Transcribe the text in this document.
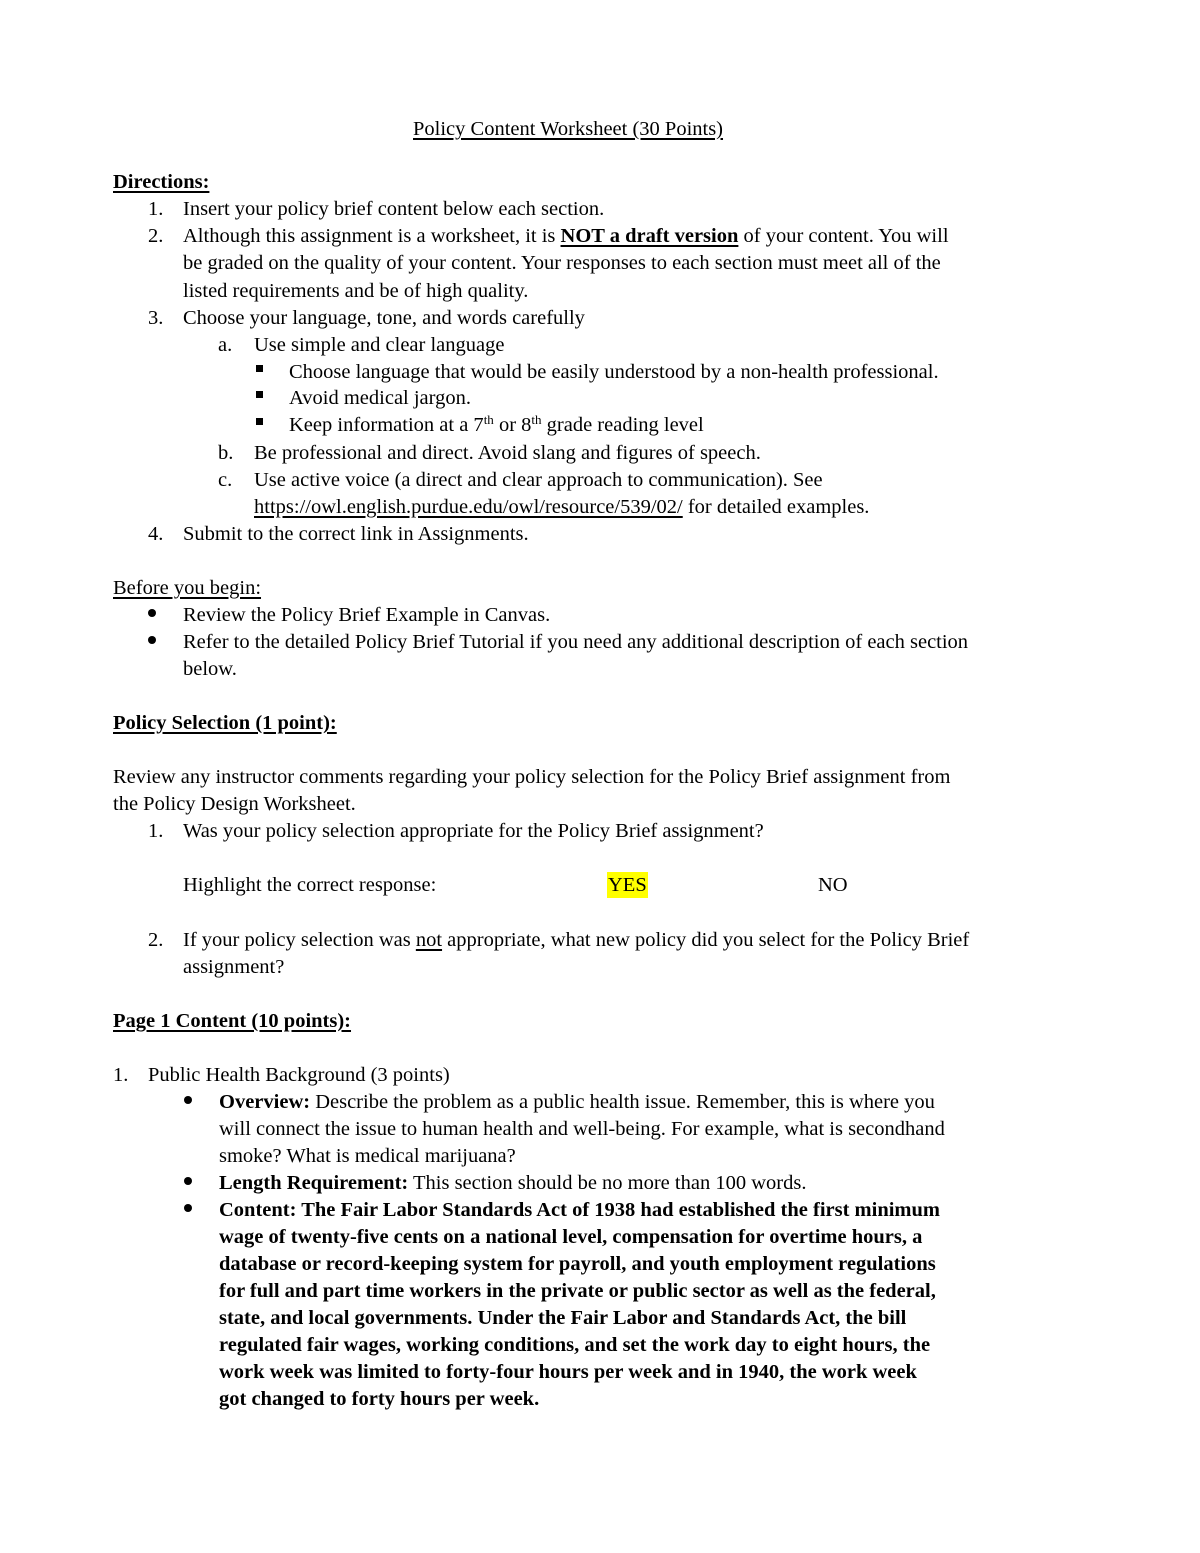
Policy Content Worksheet (30 Points)
Directions:
1. Insert your policy brief content below each section.
2. Although this assignment is a worksheet, it is NOT a draft version of your content. You will
be graded on the quality of your content. Your responses to each section must meet all of the
listed requirements and be of high quality.
3. Choose your language, tone, and words carefully
a. Use simple and clear language
Choose language that would be easily understood by a non-health professional.
Avoid medical jargon.
Keep information at a 7th or 8th grade reading level
b. Be professional and direct. Avoid slang and figures of speech.
c. Use active voice (a direct and clear approach to communication). See
https://owl.english.purdue.edu/owl/resource/539/02/ for detailed examples.
4. Submit to the correct link in Assignments.
Before you begin:
Review the Policy Brief Example in Canvas.
Refer to the detailed Policy Brief Tutorial if you need any additional description of each section
below.
Policy Selection (1 point):
Review any instructor comments regarding your policy selection for the Policy Brief assignment from
the Policy Design Worksheet.
1. Was your policy selection appropriate for the Policy Brief assignment?
Highlight the correct response:	YES	NO
2. If your policy selection was not appropriate, what new policy did you select for the Policy Brief
assignment?
Page 1 Content (10 points):
1. Public Health Background (3 points)
Overview: Describe the problem as a public health issue. Remember, this is where you
will connect the issue to human health and well-being. For example, what is secondhand
smoke? What is medical marijuana?
Length Requirement: This section should be no more than 100 words.
Content: The Fair Labor Standards Act of 1938 had established the first minimum
wage of twenty-five cents on a national level, compensation for overtime hours, a
database or record-keeping system for payroll, and youth employment regulations
for full and part time workers in the private or public sector as well as the federal,
state, and local governments. Under the Fair Labor and Standards Act, the bill
regulated fair wages, working conditions, and set the work day to eight hours, the
work week was limited to forty-four hours per week and in 1940, the work week
got changed to forty hours per week.
